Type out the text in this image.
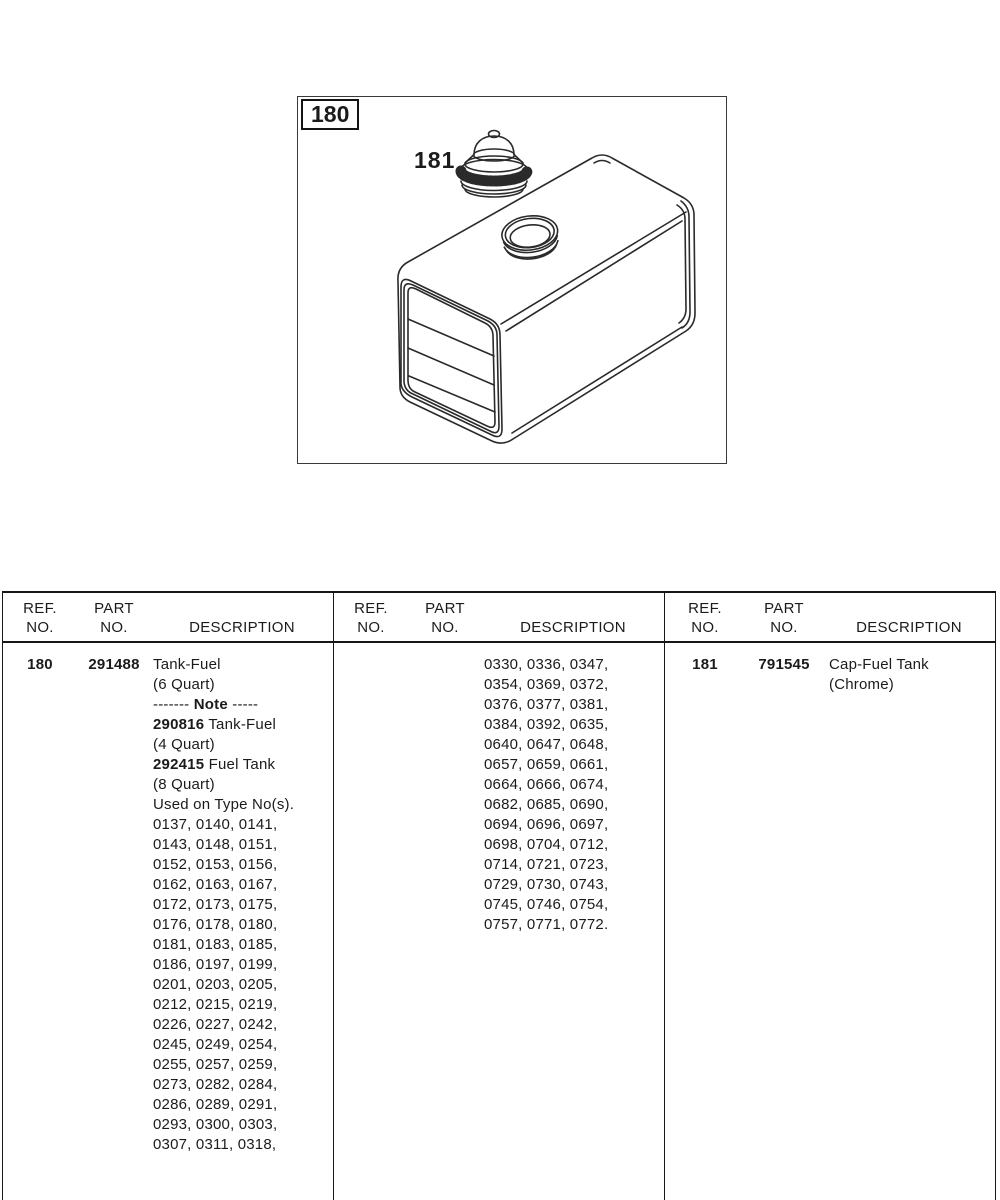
180
181
REF.
NO.
PART
NO.	DESCRIPTION
180	291488 Tank-Fuel
(6 Quart)
------- Note -----
290816 Tank-Fuel
(4 Quart)
292415 Fuel Tank
(8 Quart)
Used on Type No(s).
0137, 0140, 0141,
0143, 0148, 0151,
0152, 0153, 0156,
0162, 0163, 0167,
0172, 0173, 0175,
0176, 0178, 0180,
0181, 0183, 0185,
0186, 0197, 0199,
0201, 0203, 0205,
0212, 0215, 0219,
0226, 0227, 0242,
0245, 0249, 0254,
0255, 0257, 0259,
0273, 0282, 0284,
0286, 0289, 0291,
0293, 0300, 0303,
0307, 0311, 0318,
REF.
NO.
PART
NO.	DESCRIPTION
0330, 0336, 0347,
0354, 0369, 0372,
0376, 0377, 0381,
0384, 0392, 0635,
0640, 0647, 0648,
0657, 0659, 0661,
0664, 0666, 0674,
0682, 0685, 0690,
0694, 0696, 0697,
0698, 0704, 0712,
0714, 0721, 0723,
0729, 0730, 0743,
0745, 0746, 0754,
0757, 0771, 0772.
REF.
NO.
PART
NO.	DESCRIPTION
181	791545	Cap-Fuel Tank
(Chrome)
